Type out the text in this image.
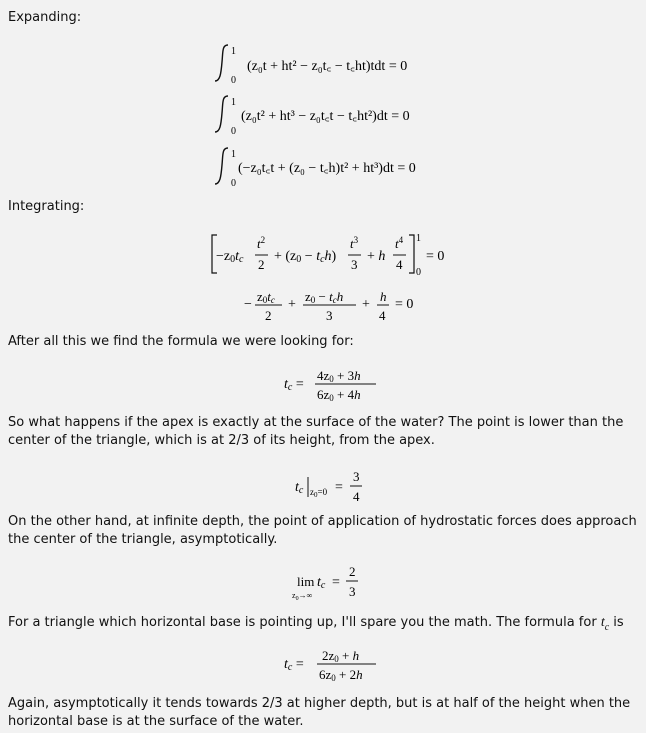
Expanding:

1
0
(z₀t + ht² − z₀t꜀ − t꜀ht)tdt = 0
1
0
(z₀t² + ht³ − z₀t꜀t − t꜀ht²)dt = 0
1
0
(−z₀t꜀t + (z₀ − t꜀h)t² + ht³)dt = 0

Integrating:

−z0tc
$t^2$
2
+ (z0 − tch)
$t^3$
3
+ h
$t^4$
4
1
0
= 0
−
z0tc
2
+
z0 − tch
3
+
h
4
= 0

After all this we find the formula we were looking for:

tc =
4z0 + 3h
6z0 + 4h

So what happens if the apex is exactly at the surface of the water? The point is lower than the center of the triangle, which is at 2/3 of its height, from the apex.

tc $z_0=0$ =
3
4

On the other hand, at infinite depth, the point of application of hydrostatic forces does approach the center of the triangle, asymptotically.

lim tc
$z_0\to\infty$
=
2
3

For a triangle which horizontal base is pointing up, I'll spare you the math. The formula for $t_c$ is

tc =
2z0 + h
6z0 + 2h

Again, asymptotically it tends towards 2/3 at higher depth, but is at half of the height when the horizontal base is at the surface of the water.
